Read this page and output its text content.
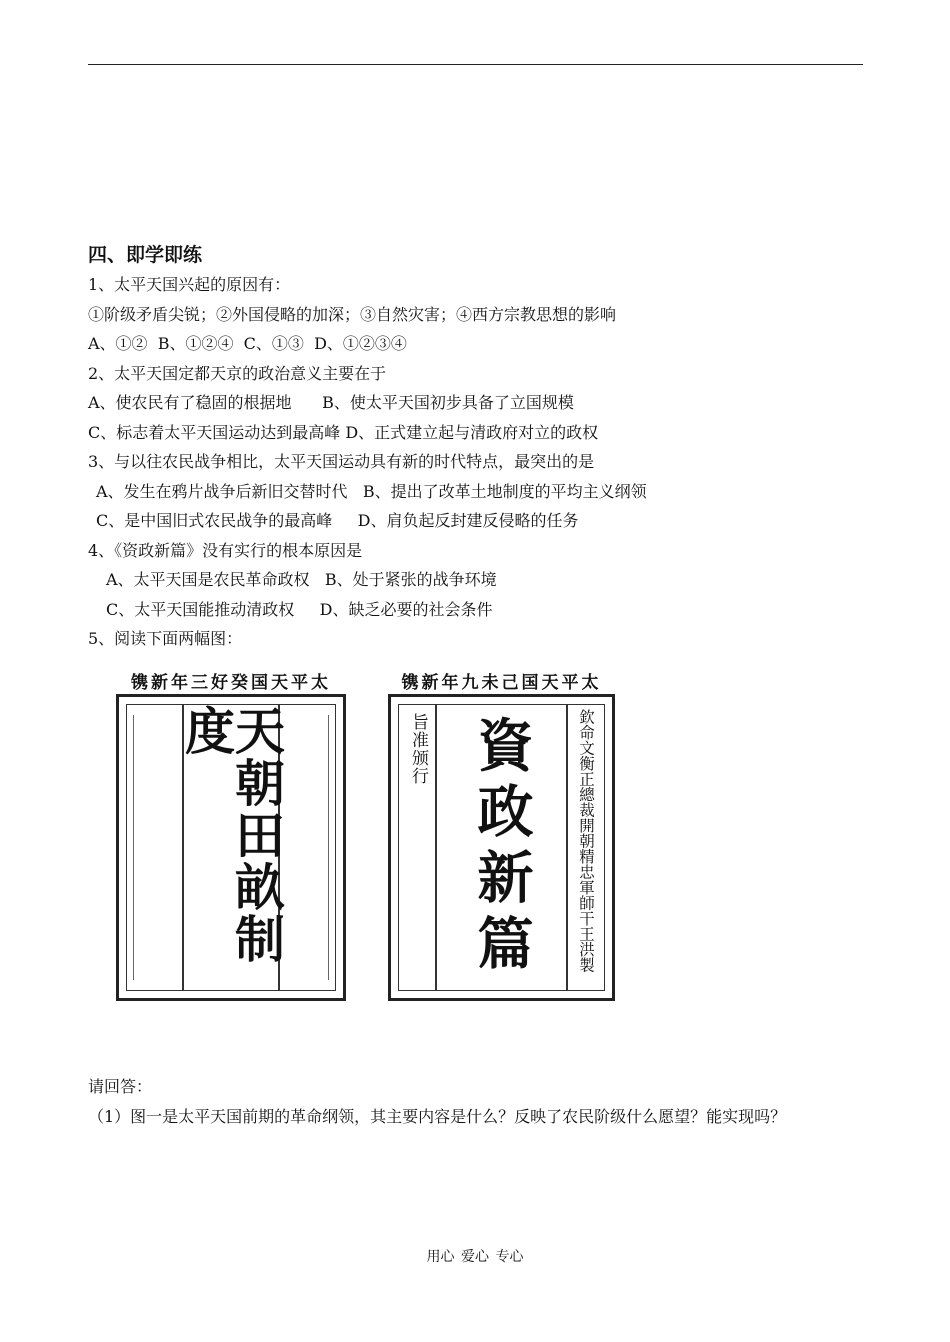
四、即学即练

1、太平天国兴起的原因有：

①阶级矛盾尖锐；②外国侵略的加深；③自然灾害；④西方宗教思想的影响

A、①②  B、①②④  C、①③  D、①②③④

2、太平天国定都天京的政治意义主要在于

A、使农民有了稳固的根据地      B、使太平天国初步具备了立国规模

C、标志着太平天国运动达到最高峰 D、正式建立起与清政府对立的政权

3、与以往农民战争相比，太平天国运动具有新的时代特点，最突出的是

A、发生在鸦片战争后新旧交替时代   B、提出了改革土地制度的平均主义纲领

C、是中国旧式农民战争的最高峰     D、肩负起反封建反侵略的任务

4、《资政新篇》没有实行的根本原因是

A、太平天国是农民革命政权   B、处于紧张的战争环境

C、太平天国能推动清政权     D、缺乏必要的社会条件

5、阅读下面两幅图：

太平天国癸好三年新镌
天朝田畝制度
太平天国己未九年新镌
旨准颁行 資政新篇	欽命文衡正總裁開朝精忠軍師干王洪製

请回答：

（1）图一是太平天国前期的革命纲领，其主要内容是什么？反映了农民阶级什么愿望？能实现吗？

用心 爱心 专心
